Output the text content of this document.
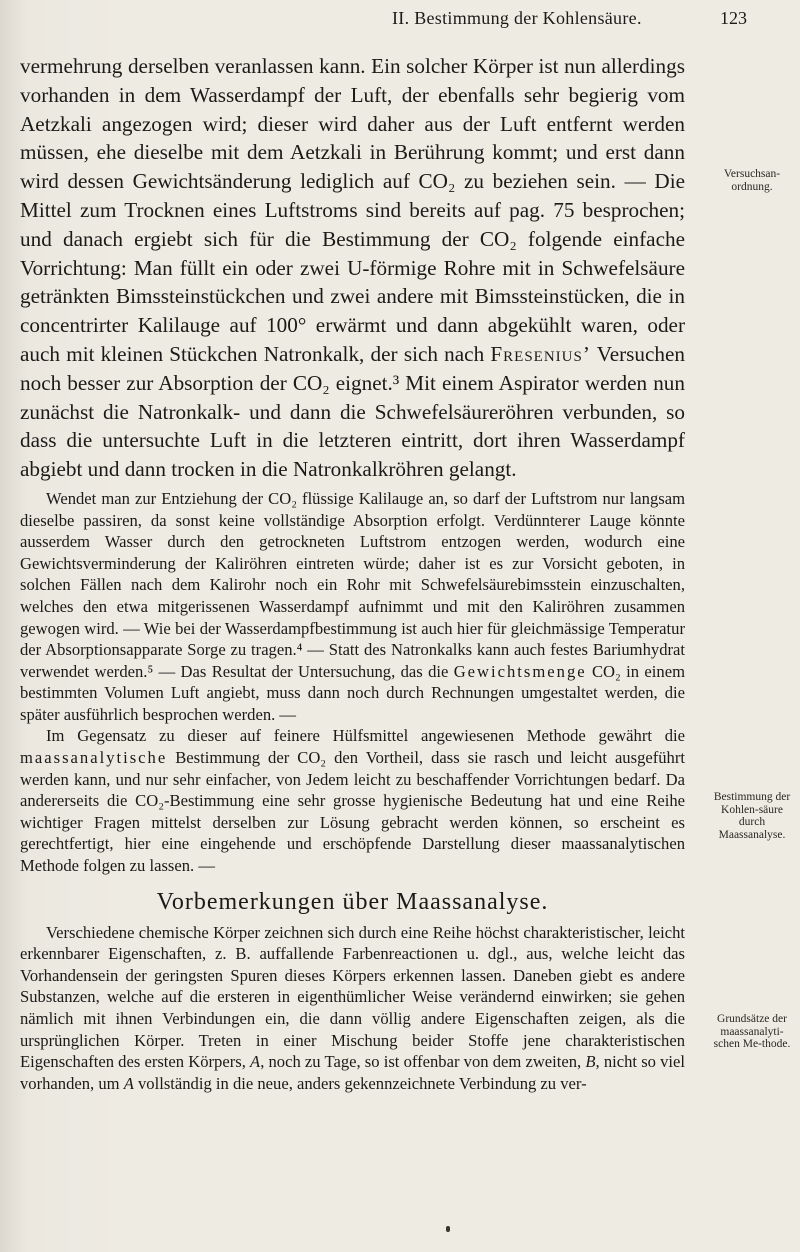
II. Bestimmung der Kohlensäure.	123

vermehrung derselben veranlassen kann. Ein solcher Körper ist nun allerdings vorhanden in dem Wasserdampf der Luft, der ebenfalls sehr begierig vom Aetzkali angezogen wird; dieser wird daher aus der Luft entfernt werden müssen, ehe dieselbe mit dem Aetzkali in Berührung kommt; und erst dann wird dessen Gewichtsänderung lediglich auf CO₂ zu beziehen sein. — Die Mittel zum Trocknen eines Luftstroms sind bereits auf pag. 75 besprochen; und danach ergiebt sich für die Bestimmung der CO₂ folgende einfache Vorrichtung: Man füllt ein oder zwei U-förmige Rohre mit in Schwefelsäure getränkten Bimssteinstückchen und zwei andere mit Bimssteinstücken, die in concentrirter Kalilauge auf 100° erwärmt und dann abgekühlt waren, oder auch mit kleinen Stückchen Natronkalk, der sich nach Fresenius’ Versuchen noch besser zur Absorption der CO₂ eignet.³ Mit einem Aspirator werden nun zunächst die Natronkalk- und dann die Schwefelsäureröhren verbunden, so dass die untersuchte Luft in die letzteren eintritt, dort ihren Wasserdampf abgiebt und dann trocken in die Natronkalkröhren gelangt.

Wendet man zur Entziehung der CO₂ flüssige Kalilauge an, so darf der Luftstrom nur langsam dieselbe passiren, da sonst keine vollständige Absorption erfolgt. Verdünnterer Lauge könnte ausserdem Wasser durch den getrockneten Luftstrom entzogen werden, wodurch eine Gewichtsverminderung der Kaliröhren eintreten würde; daher ist es zur Vorsicht geboten, in solchen Fällen nach dem Kalirohr noch ein Rohr mit Schwefelsäurebimsstein einzuschalten, welches den etwa mitgerissenen Wasserdampf aufnimmt und mit den Kaliröhren zusammen gewogen wird. — Wie bei der Wasserdampfbestimmung ist auch hier für gleichmässige Temperatur der Absorptionsapparate Sorge zu tragen.⁴ — Statt des Natronkalks kann auch festes Bariumhydrat verwendet werden.⁵ — Das Resultat der Untersuchung, das die Gewichtsmenge CO₂ in einem bestimmten Volumen Luft angiebt, muss dann noch durch Rechnungen umgestaltet werden, die später ausführlich besprochen werden. —

Im Gegensatz zu dieser auf feinere Hülfsmittel angewiesenen Methode gewährt die maassanalytische Bestimmung der CO₂ den Vortheil, dass sie rasch und leicht ausgeführt werden kann, und nur sehr einfacher, von Jedem leicht zu beschaffender Vorrichtungen bedarf. Da andererseits die CO₂-Bestimmung eine sehr grosse hygienische Bedeutung hat und eine Reihe wichtiger Fragen mittelst derselben zur Lösung gebracht werden können, so erscheint es gerechtfertigt, hier eine eingehende und erschöpfende Darstellung dieser maassanalytischen Methode folgen zu lassen. —

Vorbemerkungen über Maassanalyse.

Verschiedene chemische Körper zeichnen sich durch eine Reihe höchst charakteristischer, leicht erkennbarer Eigenschaften, z. B. auffallende Farbenreactionen u. dgl., aus, welche leicht das Vorhandensein der geringsten Spuren dieses Körpers erkennen lassen. Daneben giebt es andere Substanzen, welche auf die ersteren in eigenthümlicher Weise verändernd einwirken; sie gehen nämlich mit ihnen Verbindungen ein, die dann völlig andere Eigenschaften zeigen, als die ursprünglichen Körper. Treten in einer Mischung beider Stoffe jene charakteristischen Eigenschaften des ersten Körpers, A, noch zu Tage, so ist offenbar von dem zweiten, B, nicht so viel vorhanden, um A vollständig in die neue, anders gekennzeichnete Verbindung zu ver-

Versuchsan-ordnung.
Bestimmung der Kohlen-säure durch Maassanalyse.
Grundsätze der maassanalyti-schen Me-thode.
